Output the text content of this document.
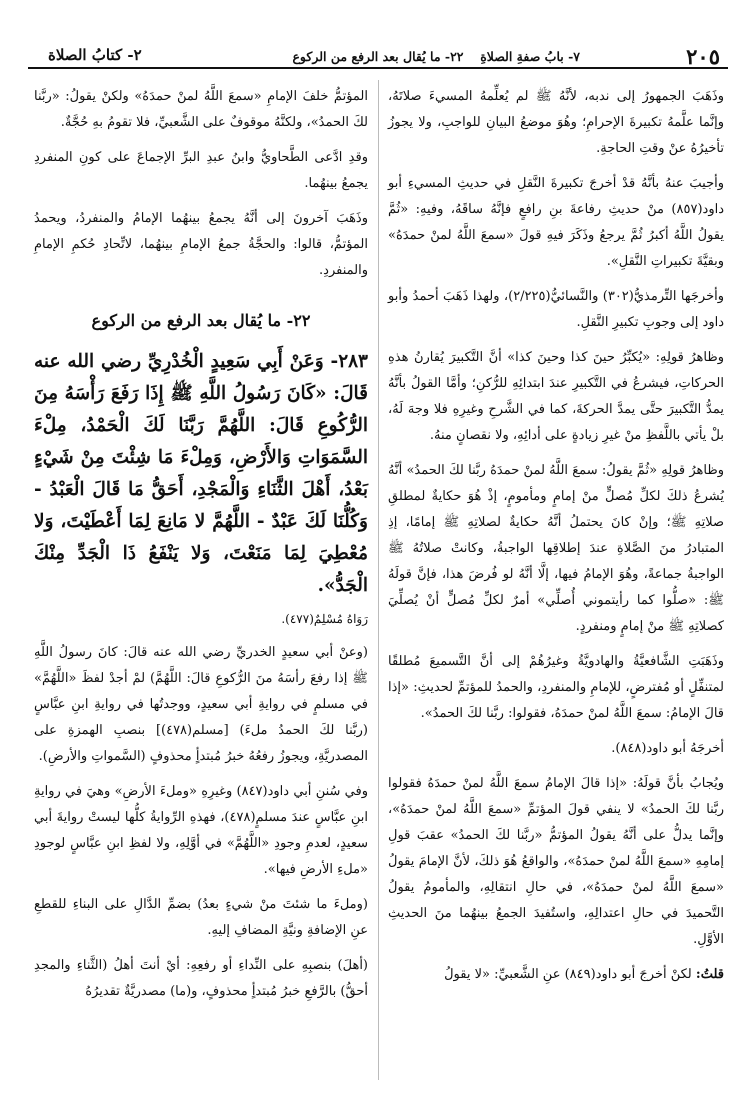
٢٠٥
٧- بابُ صفةِ الصلاةِ
٢٢- ما يُقال بعد الرفع من الركوع
٢- كتابُ الصلاة

وذَهَبَ الجمهورُ إلى ندبه، لأنَّهُ ﷺ لم يُعلِّمهُ المسيءَ صلاتَهُ، وإنَّما علَّمهُ تكبيرةَ الإحرامِ؛ وهُوَ موضعُ البيانِ للواجبِ، ولا يجوزُ تأخيرُهُ عنْ وقتِ الحاجةِ.

وأجيبَ عنهُ بأنَّهُ قدْ أخرجَ تكبيرةَ النَّقلِ في حديثِ المسيءِ أبو داود(٨٥٧) منْ حديثِ رفاعةَ بنِ رافعٍ فإنَّهُ ساقَهُ، وفيهِ: «ثُمَّ يقولُ اللَّهُ أكبرُ ثُمَّ يرجعُ وذَكَرَ فيهِ قولَ «سمعَ اللَّهُ لمنْ حمدَهُ» وبقيَّةَ تكبيراتِ النَّقلِ».

وأخرجَها التِّرمذيُّ(٣٠٢) والنَّسائيُّ(٢/٢٢٥)، ولهذا ذَهَبَ أحمدُ وأبو داود إلى وجوبِ تكبيرِ النَّقلِ.

وظاهرُ قولِهِ: «يُكبِّرُ حينَ كذا وحينَ كذا» أنَّ التَّكبيرَ يُقارنُ هذهِ الحركاتِ، فيشرعُ في التَّكبيرِ عندَ ابتدائِهِ للرُّكنِ؛ وأمَّا القولُ بأنَّهُ يمدُّ التَّكبيرَ حتَّى يمدَّ الحركةَ، كما في الشَّرحِ وغيرِهِ فلا وجهَ لَهُ، بلْ يأتي باللَّفظِ منْ غيرِ زيادةٍ على أدائِهِ، ولا نقصانٍ منهُ.

وظاهرُ قولِهِ «ثُمَّ يقولُ: سمعَ اللَّهُ لمنْ حمدَهُ ربَّنا لكَ الحمدُ» أنَّهُ يُشرعُ ذلكَ لكلِّ مُصلٍّ منْ إمامٍ ومأمومٍ، إذْ هُوَ حكايةٌ لمطلقِ صلاتِهِ ﷺ؛ وإنْ كانَ يحتملُ أنَّهُ حكايةٌ لصلاتِهِ ﷺ إمامًا، إذِ المتبادرُ منَ الصَّلاةِ عندَ إطلاقِها الواجبةُ، وكانتْ صلاتُهُ ﷺ الواجبةُ جماعةً، وهُوَ الإمامُ فيها، إلَّا أنَّهُ لو فُرضَ هذا، فإنَّ قولَهُ ﷺ: «صلُّوا كما رأيتموني أُصلِّي» أمرٌ لكلِّ مُصلٍّ أنْ يُصلِّيَ كصلاتِهِ ﷺ منْ إمامٍ ومنفردٍ.

وذَهَبَتِ الشَّافعيَّةُ والهادويَّةُ وغيرُهُمْ إلى أنَّ التَّسميعَ مُطلقًا لمتنفِّلٍ أو مُفترضٍ، للإمامِ والمنفردِ، والحمدُ للمؤتمِّ لحديثِ: «إذا قالَ الإمامُ: سمعَ اللَّهُ لمنْ حمدَهُ، فقولوا: ربَّنا لكَ الحمدُ».

أخرجَهُ أبو داود(٨٤٨).

ويُجابُ بأنَّ قولَهُ: «إذا قالَ الإمامُ سمعَ اللَّهُ لمنْ حمدَهُ فقولوا ربَّنا لكَ الحمدُ» لا ينفي قولَ المؤتمِّ «سمعَ اللَّهُ لمنْ حمدَهُ»، وإنَّما يدلُّ على أنَّهُ يقولُ المؤتمُّ «ربَّنا لكَ الحمدُ» عقبَ قولِ إمامِهِ «سمعَ اللَّهُ لمنْ حمدَهُ»، والواقعُ هُوَ ذلكَ، لأنَّ الإمامَ يقولُ «سمعَ اللَّهُ لمنْ حمدَهُ»، في حالِ انتقالِهِ، والمأمومُ يقولُ التَّحميدَ في حالِ اعتدالِهِ، واستُفيدَ الجمعُ بينهُما منَ الحديثِ الأوَّلِ.

قلتُ: لكنْ أخرجَ أبو داود(٨٤٩) عنِ الشَّعبيِّ: «لا يقولُ

المؤتمُّ خلفَ الإمامِ «سمعَ اللَّهُ لمنْ حمدَهُ» ولكنْ يقولُ: «ربَّنا لكَ الحمدُ»، ولكنَّهُ موقوفٌ على الشَّعبيِّ، فلا تقومُ بهِ حُجَّةٌ.

وقدِ ادَّعى الطَّحاويُّ وابنُ عبدِ البرِّ الإجماعَ على كونِ المنفردِ يجمعُ بينهُما.

وذَهَبَ آخرونَ إلى أنَّهُ يجمعُ بينهُما الإمامُ والمنفردُ، ويحمدُ المؤتمُّ، قالوا: والحجَّةُ جمعُ الإمامِ بينهُما، لاتِّحادِ حُكمِ الإمامِ والمنفردِ.

٢٢- ما يُقال بعد الرفع من الركوع

٢٨٣- وَعَنْ أَبِي سَعِيدٍ الْخُدْرِيِّ رضي الله عنه قَالَ: «كَانَ رَسُولُ اللَّهِ ﷺ إِذَا رَفَعَ رَأْسَهُ مِنَ الرُّكُوعِ قَالَ: اللَّهُمَّ رَبَّنَا لَكَ الْحَمْدُ، مِلْءَ السَّمَوَاتِ وَالأَرْضِ، وَمِلْءَ مَا شِئْتَ مِنْ شَيْءٍ بَعْدُ، أَهْلَ الثَّنَاءِ وَالْمَجْدِ، أَحَقُّ مَا قَالَ الْعَبْدُ - وَكُلُّنَا لَكَ عَبْدٌ - اللَّهُمَّ لا مَانِعَ لِمَا أَعْطَيْتَ، وَلا مُعْطِيَ لِمَا مَنَعْتَ، وَلا يَنْفَعُ ذَا الْجَدِّ مِنْكَ الْجَدُّ».

رَوَاهُ مُسْلِمٌ(٤٧٧).

(وعنْ أبي سعيدٍ الخدريِّ رضي الله عنه قالَ: كانَ رسولُ اللَّهِ ﷺ إذا رفعَ رأسَهُ منَ الرُّكوعِ قالَ: اللَّهُمَّ) لمْ أجدْ لفظَ «اللَّهُمَّ» في مسلمٍ في روايةِ أبي سعيدٍ، ووجدتُها في روايةِ ابنِ عبَّاسٍ (ربَّنا لكَ الحمدُ ملءَ) [مسلم(٤٧٨)] بنصبِ الهمزةِ على المصدريَّةِ، ويجوزُ رفعُهُ خبرُ مُبتدأٍ محذوفٍ (السَّمواتِ والأرضِ).

وفي سُننِ أبي داود(٨٤٧) وغيرِهِ «وملءَ الأرضِ» وهيَ في روايةِ ابنِ عبَّاسٍ عندَ مسلمٍ(٤٧٨)، فهذهِ الرِّوايةُ كلُّها ليستْ روايةَ أبي سعيدٍ، لعدمِ وجودِ «اللَّهُمَّ» في أوَّلِهِ، ولا لفظِ ابنِ عبَّاسٍ لوجودِ «ملءِ الأرضِ فيها».

(وملءَ ما شئتَ منْ شيءٍ بعدُ) بضمِّ الدَّالِ على البناءِ للقطعِ عنِ الإضافةِ ونيَّةِ المضافِ إليهِ.

(أهلَ) بنصبِهِ على النِّداءِ أو رفعِهِ: أيْ أنتَ أهلُ (الثَّناءِ والمجدِ أحقُّ) بالرَّفعِ خبرُ مُبتدأٍ محذوفٍ، و(ما) مصدريَّةٌ تقديرُهُ
